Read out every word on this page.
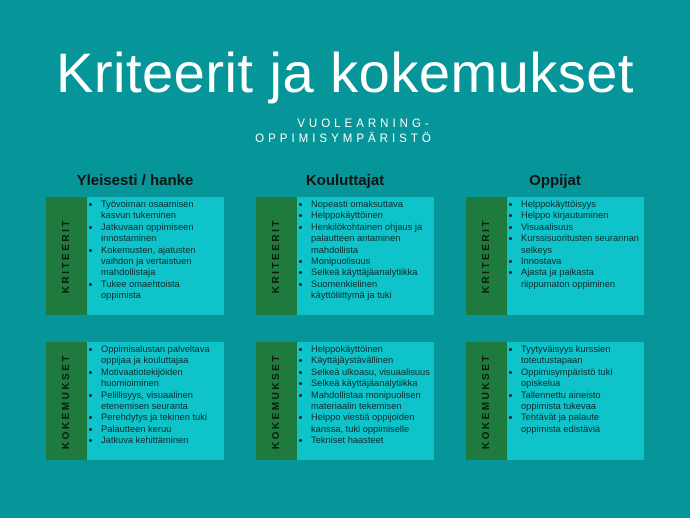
Kriteerit ja kokemukset
VUOLEARNING-
OPPIMISYMPÄRISTÖ
Yleisesti / hanke	Kouluttajat	Oppijat
KRITEERIT
• Työvoiman osaamisen kasvun tukeminen
• Jatkuvaan oppimiseen innostaminen
• Kokemusten, ajatusten vaihdon ja vertaistuen mahdollistaja
• Tukee omaehtoista oppimista
KRITEERIT
• Nopeasti omaksuttava
• Helppokäyttöinen
• Henkilökohtainen ohjaus ja palautteen antaminen mahdollista
• Monipuolisuus
• Selkeä käyttäjäanalytiikka
• Suomenkielinen käyttöliittymä ja tuki
KRITEERIT
• Helppokäyttöisyys
• Helppo kirjautuminen
• Visuaalisuus
• Kurssisuoritusten seurannan selkeys
• Innostava
• Ajasta ja paikasta riippumaton oppiminen
KOKEMUKSET
• Oppimisalustan palveltava oppijaa ja kouluttajaa
• Motivaatiotekijöiden huomioiminen
• Pelillisyys, visuaalinen etenemisen seuranta
• Perehdytys ja tekinen tuki
• Palautteen keruu
• Jatkuva kehittäminen	KOKEMUKSET
• Helppokäyttöinen
• Käyttäjäystävällinen
• Selkeä ulkoasu, visuaalisuus
• Selkeä käyttäjäanalytiikka
• Mahdollistaa monipuolisen materiaalin tekemisen
• Helppo viestiä oppijoiden kanssa, tuki oppimiselle
• Tekniset haasteet	KOKEMUKSET
• Tyytyväisyys kurssien toteutustapaan
• Oppimisympäristö tuki opiskelua
• Tallennettu aineisto oppimista tukevaa
• Tehtävät ja palaute oppimista edistäviä
